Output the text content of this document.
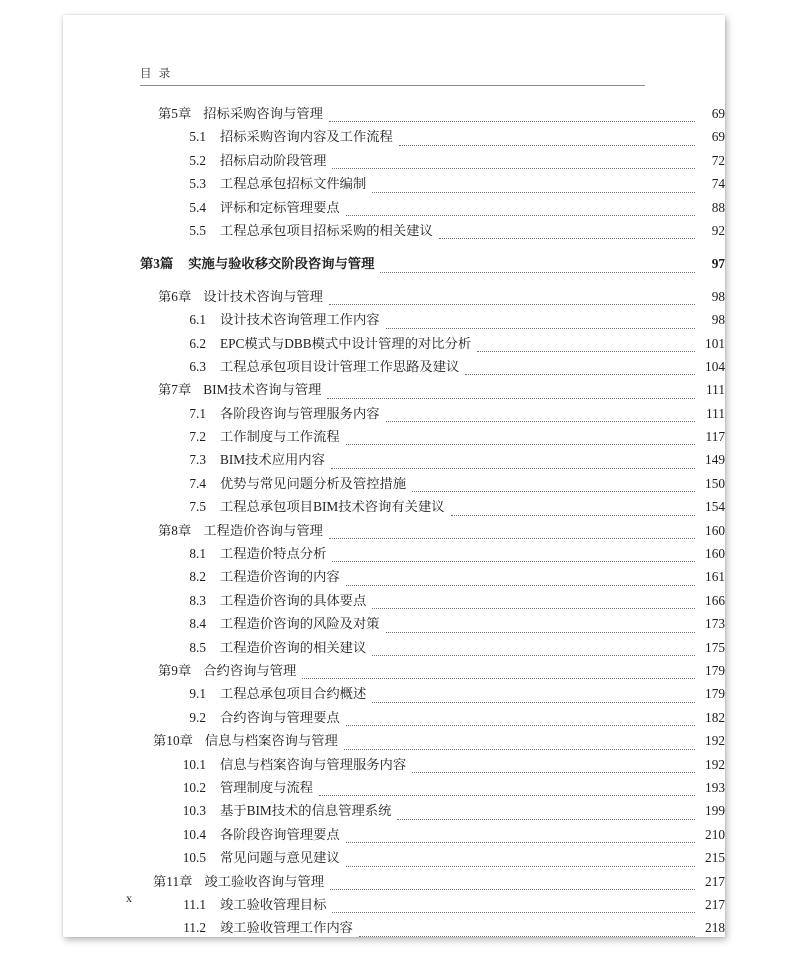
目  录
第5章 招标采购咨询与管理	69
5.1	招标采购咨询内容及工作流程	69
5.2	招标启动阶段管理	72
5.3	工程总承包招标文件编制	74
5.4	评标和定标管理要点	88
5.5	工程总承包项目招标采购的相关建议	92
第3篇	实施与验收移交阶段咨询与管理	97
第6章 设计技术咨询与管理	98
6.1	设计技术咨询管理工作内容	98
6.2	EPC模式与DBB模式中设计管理的对比分析	101
6.3	工程总承包项目设计管理工作思路及建议	104
第7章 BIM技术咨询与管理	111
7.1	各阶段咨询与管理服务内容	111
7.2	工作制度与工作流程	117
7.3	BIM技术应用内容	149
7.4	优势与常见问题分析及管控措施	150
7.5	工程总承包项目BIM技术咨询有关建议	154
第8章 工程造价咨询与管理	160
8.1	工程造价特点分析	160
8.2	工程造价咨询的内容	161
8.3	工程造价咨询的具体要点	166
8.4	工程造价咨询的风险及对策	173
8.5	工程造价咨询的相关建议	175
第9章 合约咨询与管理	179
9.1	工程总承包项目合约概述	179
9.2	合约咨询与管理要点	182
第10章 信息与档案咨询与管理	192
10.1	信息与档案咨询与管理服务内容	192
10.2	管理制度与流程	193
10.3	基于BIM技术的信息管理系统	199
10.4	各阶段咨询管理要点	210
10.5	常见问题与意见建议	215
第11章 竣工验收咨询与管理	217
11.1	竣工验收管理目标	217
11.2	竣工验收管理工作内容	218
x
